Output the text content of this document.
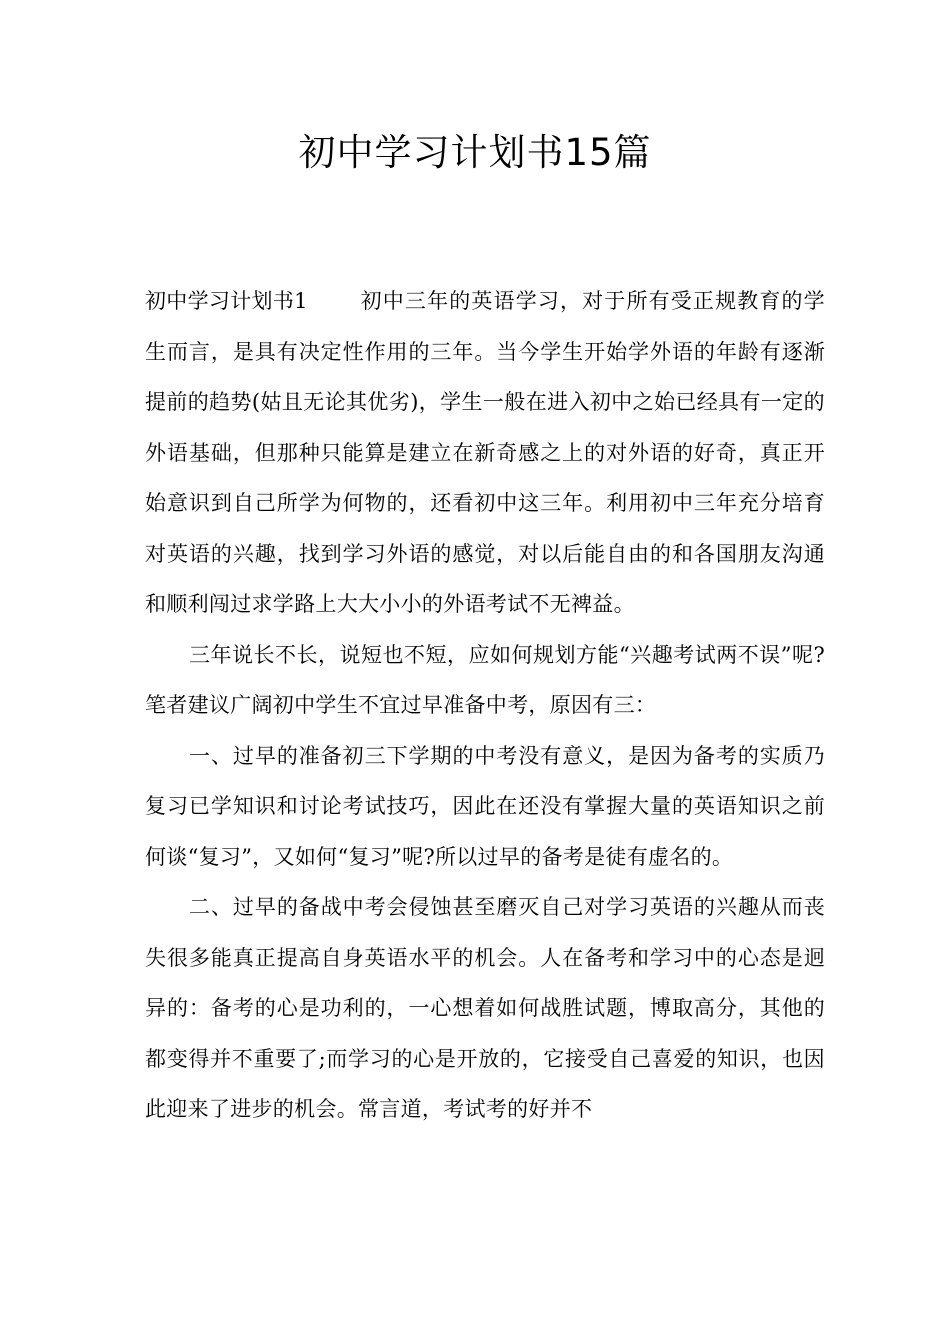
初中学习计划书15篇

初中学习计划书1 初中三年的英语学习，对于所有受正规教育的学生而言，是具有决定性作用的三年。当今学生开始学外语的年龄有逐渐提前的趋势(姑且无论其优劣)，学生一般在进入初中之始已经具有一定的外语基础，但那种只能算是建立在新奇感之上的对外语的好奇，真正开始意识到自己所学为何物的，还看初中这三年。利用初中三年充分培育对英语的兴趣，找到学习外语的感觉，对以后能自由的和各国朋友沟通和顺利闯过求学路上大大小小的外语考试不无裨益。

三年说长不长，说短也不短，应如何规划方能“兴趣考试两不误”呢?笔者建议广阔初中学生不宜过早准备中考，原因有三：

一、过早的准备初三下学期的中考没有意义，是因为备考的实质乃复习已学知识和讨论考试技巧，因此在还没有掌握大量的英语知识之前何谈“复习”，又如何“复习”呢?所以过早的备考是徒有虚名的。

二、过早的备战中考会侵蚀甚至磨灭自己对学习英语的兴趣从而丧失很多能真正提高自身英语水平的机会。人在备考和学习中的心态是迥异的：备考的心是功利的，一心想着如何战胜试题，博取高分，其他的都变得并不重要了;而学习的心是开放的，它接受自己喜爱的知识，也因此迎来了进步的机会。常言道，考试考的好并不
